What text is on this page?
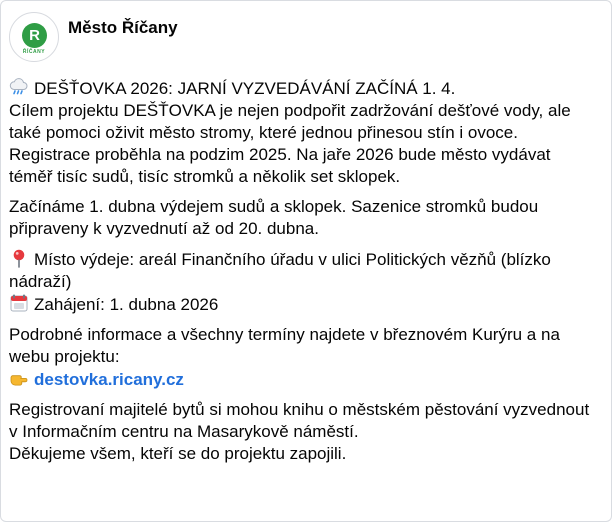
R
ŘÍČANY
Město Říčany

DEŠŤOVKA 2026: JARNÍ VYZVEDÁVÁNÍ ZAČÍNÁ 1. 4.

Cílem projektu DEŠŤOVKA je nejen podpořit zadržování dešťové vody, ale také pomoci oživit město stromy, které jednou přinesou stín i ovoce. Registrace proběhla na podzim 2025. Na jaře 2026 bude město vydávat téměř tisíc sudů, tisíc stromků a několik set sklopek.

Začínáme 1. dubna výdejem sudů a sklopek. Sazenice stromků budou připraveny k vyzvednutí až od 20. dubna.

Místo výdeje: areál Finančního úřadu v ulici Politických vězňů (blízko nádraží)

Zahájení: 1. dubna 2026

Podrobné informace a všechny termíny najdete v březnovém Kurýru a na webu projektu:

destovka.ricany.cz

Registrovaní majitelé bytů si mohou knihu o městském pěstování vyzvednout v Informačním centru na Masarykově náměstí.

Děkujeme všem, kteří se do projektu zapojili.
